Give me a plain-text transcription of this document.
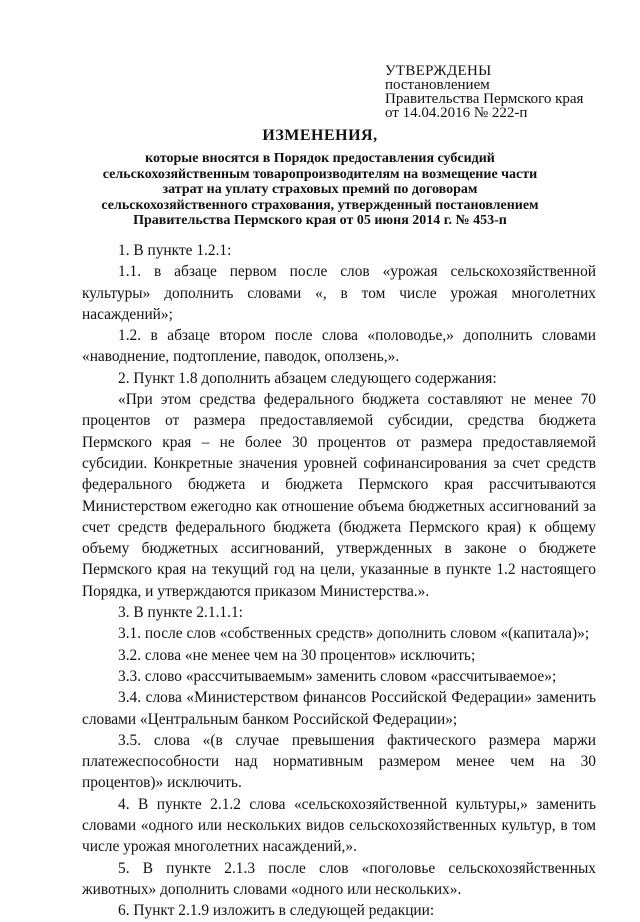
УТВЕРЖДЕНЫ
постановлением
Правительства Пермского края
от 14.04.2016 № 222-п
ИЗМЕНЕНИЯ,
которые вносятся в Порядок предоставления субсидий сельскохозяйственным товаропроизводителям на возмещение части затрат на уплату страховых премий по договорам сельскохозяйственного страхования, утвержденный постановлением Правительства Пермского края от 05 июня 2014 г. № 453-п

1. В пункте 1.2.1:

1.1. в абзаце первом после слов «урожая сельскохозяйственной культуры» дополнить словами «, в том числе урожая многолетних насаждений»;

1.2. в абзаце втором после слова «половодье,» дополнить словами «наводнение, подтопление, паводок, оползень,».

2. Пункт 1.8 дополнить абзацем следующего содержания:

«При этом средства федерального бюджета составляют не менее 70 процентов от размера предоставляемой субсидии, средства бюджета Пермского края – не более 30 процентов от размера предоставляемой субсидии. Конкретные значения уровней софинансирования за счет средств федерального бюджета и бюджета Пермского края рассчитываются Министерством ежегодно как отношение объема бюджетных ассигнований за счет средств федерального бюджета (бюджета Пермского края) к общему объему бюджетных ассигнований, утвержденных в законе о бюджете Пермского края на текущий год на цели, указанные в пункте 1.2 настоящего Порядка, и утверждаются приказом Министерства.».

3. В пункте 2.1.1.1:

3.1. после слов «собственных средств» дополнить словом «(капитала)»;

3.2. слова «не менее чем на 30 процентов» исключить;

3.3. слово «рассчитываемым» заменить словом «рассчитываемое»;

3.4. слова «Министерством финансов Российской Федерации» заменить словами «Центральным банком Российской Федерации»;

3.5. слова «(в случае превышения фактического размера маржи платежеспособности над нормативным размером менее чем на 30 процентов)» исключить.

4. В пункте 2.1.2 слова «сельскохозяйственной культуры,» заменить словами «одного или нескольких видов сельскохозяйственных культур, в том числе урожая многолетних насаждений,».

5. В пункте 2.1.3 после слов «поголовье сельскохозяйственных животных» дополнить словами «одного или нескольких».

6. Пункт 2.1.9 изложить в следующей редакции:
